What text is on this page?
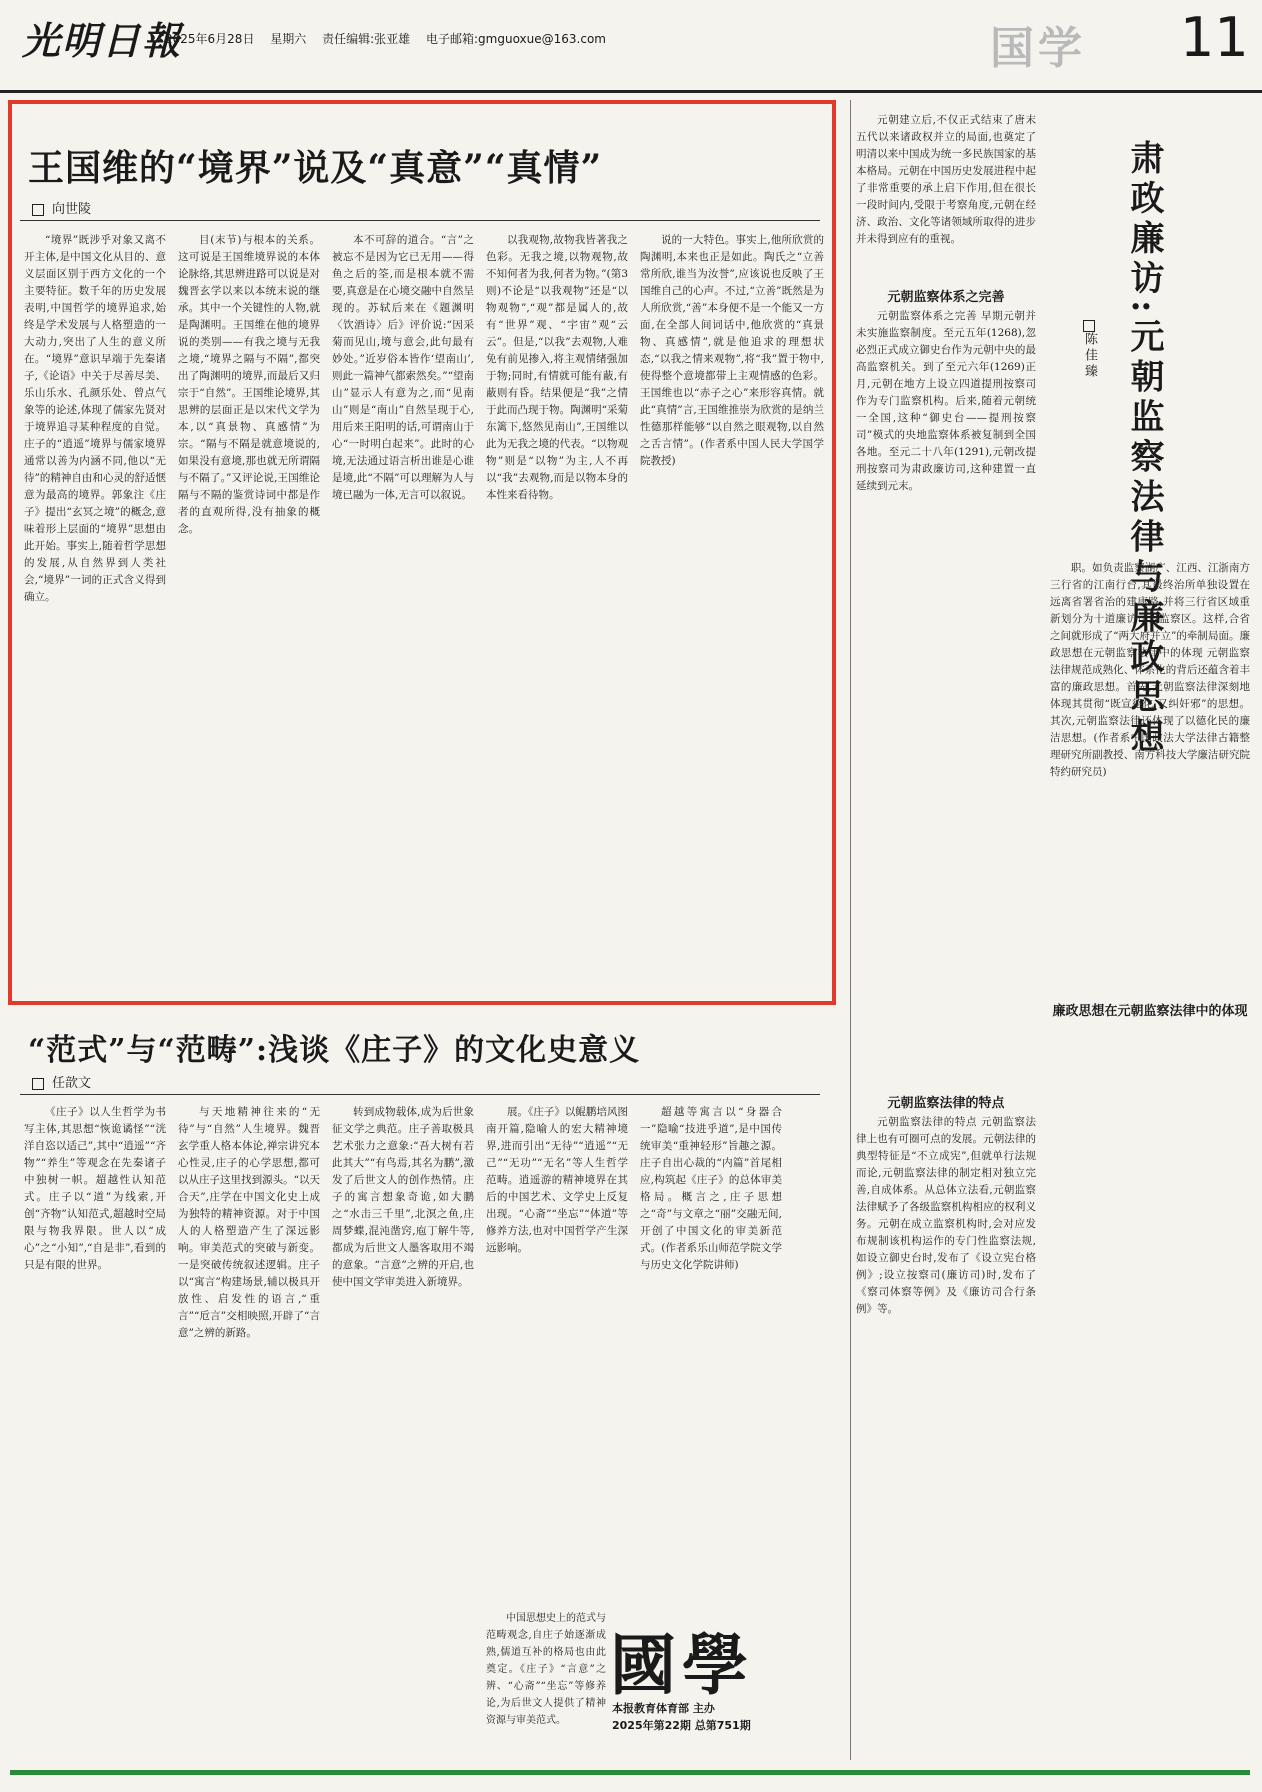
光明日報
2025年6月28日 星期六 责任编辑:张亚雄 电子邮箱:gmguoxue@163.com	国学 11
王国维的“境界”说及“真意”“真情”
向世陵

“境界”既涉乎对象又离不开主体,是中国文化从目的、意义层面区别于西方文化的一个主要特征。数千年的历史发展表明,中国哲学的境界追求,始终是学术发展与人格塑造的一大动力,突出了人生的意义所在。“境界”意识早端于先秦诸子,《论语》中关于尽善尽美、乐山乐水、孔颜乐处、曾点气象等的论述,体现了儒家先贤对于境界追寻某种程度的自觉。庄子的“逍遥”境界与儒家境界通常以善为内涵不同,他以“无待”的精神自由和心灵的舒适惬意为最高的境界。郭象注《庄子》提出“玄冥之境”的概念,意味着形上层面的“境界”思想由此开始。事实上,随着哲学思想的发展,从自然界到人类社会,“境界”一词的正式含义得到确立。

目(末节)与根本的关系。这可说是王国维境界说的本体论脉络,其思辨进路可以说是对魏晋玄学以来以本统末说的继承。其中一个关键性的人物,就是陶渊明。王国维在他的境界说的类别——有我之境与无我之境,“境界之隔与不隔”,都突出了陶渊明的境界,而最后又归宗于“自然”。王国维论境界,其思辨的层面正是以宋代文学为本,以“真景物、真感情”为宗。“隔与不隔是就意境说的,如果没有意境,那也就无所谓隔与不隔了。”又评论说,王国维论隔与不隔的鉴赏诗词中都是作者的直观所得,没有抽象的概念。

本不可辞的道合。“言”之被忘不是因为它已无用——得鱼之后的筌,而是根本就不需要,真意是在心境交融中自然呈现的。苏轼后来在《题渊明〈饮酒诗〉后》评价说:“因采菊而见山,境与意会,此句最有妙处。”近岁俗本皆作‘望南山’,则此一篇神气都索然矣。”“望南山”显示人有意为之,而“见南山”则是“南山”自然呈现于心,用后来王阳明的话,可谓南山于心“一时明白起来”。此时的心境,无法通过语言析出谁是心谁是境,此“不隔”可以理解为人与境已融为一体,无言可以叙说。

以我观物,故物我皆著我之色彩。无我之境,以物观物,故不知何者为我,何者为物。”(第3则)不论是“以我观物”还是“以物观物”,“观”都是属人的,故有“世界”观、“宇宙”观“云云”。但是,“以我”去观物,人难免有前见掺入,将主观情绪强加于物;同时,有情就可能有蔽,有蔽则有昏。结果便是“我”之情于此而凸现于物。陶渊明“采菊东篱下,悠然见南山”,王国维以此为无我之境的代表。“以物观物”则是“以物”为主,人不再以“我”去观物,而是以物本身的本性来看待物。

说的一大特色。事实上,他所欣赏的陶渊明,本来也正是如此。陶氏之“立善常所欣,谁当为汝誉”,应该说也反映了王国维自己的心声。不过,“立善”既然是为人所欣赏,“善”本身便不是一个能又一方面,在全部人间词话中,他欣赏的“真景物、真感情”,就是他追求的理想状态,“以我之情来观物”,将“我”置于物中,使得整个意境都带上主观情感的色彩。王国维也以“赤子之心”来形容真情。就此“真情”言,王国维推崇为欣赏的是纳兰性德那样能够“以自然之眼观物,以自然之舌言情”。(作者系中国人民大学国学院教授)

“范式”与“范畴”:浅谈《庄子》的文化史意义
任歆文

《庄子》以人生哲学为书写主体,其思想“恢诡谲怪”“洸洋自恣以适己”,其中“逍遥”“齐物”“养生”等观念在先秦诸子中独树一帜。超越性认知范式。庄子以“道”为线索,开创“齐物”认知范式,超越时空局限与物我界限。世人以“成心”之“小知”,“自是非”,看到的只是有限的世界。

与天地精神往来的“无待”与“自然”人生境界。魏晋玄学重人格本体论,禅宗讲究本心性灵,庄子的心学思想,都可以从庄子这里找到源头。“以天合天”,庄学在中国文化史上成为独特的精神资源。对于中国人的人格塑造产生了深远影响。审美范式的突破与新变。一是突破传统叙述逻辑。庄子以“寓言”构建场景,辅以极具开放性、启发性的语言,“重言”“卮言”交相映照,开辟了“言意”之辨的新路。

转到成物载体,成为后世象征文学之典范。庄子善取极具艺术张力之意象:“吾大树有若此其大”“有鸟焉,其名为鹏”,激发了后世文人的创作热情。庄子的寓言想象奇诡,如大鹏之“水击三千里”,北溟之鱼,庄周梦蝶,混沌凿窍,庖丁解牛等,都成为后世文人墨客取用不竭的意象。“言意”之辨的开启,也使中国文学审美进入新境界。

展。《庄子》以鲲鹏培风图南开篇,隐喻人的宏大精神境界,进而引出“无待”“逍遥”“无己”“无功”“无名”等人生哲学范畴。逍遥游的精神境界在其后的中国艺术、文学史上反复出现。“心斋”“坐忘”“体道”等修养方法,也对中国哲学产生深远影响。

超越等寓言以“身器合一”隐喻“技进乎道”,是中国传统审美“重神轻形”旨趣之源。庄子自出心裁的“内篇”首尾相应,构筑起《庄子》的总体审美格局。概言之,庄子思想之“奇”与文章之“丽”交融无间,开创了中国文化的审美新范式。(作者系乐山师范学院文学与历史文化学院讲师)

中国思想史上的范式与范畴观念,自庄子始逐渐成熟,儒道互补的格局也由此奠定。《庄子》“言意”之辨、“心斋”“坐忘”等修养论,为后世文人提供了精神资源与审美范式。

元朝建立后,不仅正式结束了唐末五代以来诸政权并立的局面,也奠定了明清以来中国成为统一多民族国家的基本格局。元朝在中国历史发展进程中起了非常重要的承上启下作用,但在很长一段时间内,受限于考察角度,元朝在经济、政治、文化等诸领域所取得的进步并未得到应有的重视。

元朝监察体系之完善

元朝监察体系之完善 早期元朝并未实施监察制度。至元五年(1268),忽必烈正式成立御史台作为元朝中央的最高监察机关。到了至元六年(1269)正月,元朝在地方上设立四道提刑按察司作为专门监察机构。后来,随着元朝统一全国,这种“御史台——提刑按察司”模式的央地监察体系被复制到全国各地。至元二十八年(1291),元朝改提刑按察司为肃政廉访司,这种建置一直延续到元末。	肃政廉访:元朝监察法律与廉政思想
陈佳臻
元朝监察法律的特点

元朝监察法律的特点 元朝监察法律上也有可圈可点的发展。元朝法律的典型特征是“不立成宪”,但就单行法规而论,元朝监察法律的制定相对独立完善,自成体系。从总体立法看,元朝监察法律赋予了各级监察机构相应的权利义务。元朝在成立监察机构时,会对应发布规制该机构运作的专门性监察法规,如设立御史台时,发布了《设立宪台格例》;设立按察司(廉访司)时,发布了《察司体察等例》及《廉访司合行条例》等。

廉政思想在元朝监察法律中的体现

职。如负责监察湖广、江西、江浙南方三行省的江南行台,其最终治所单独设置在远离省署省治的建康路,并将三行省区域重新划分为十道廉访司为监察区。这样,合省之间就形成了“两大府并立”的牵制局面。廉政思想在元朝监察法律中的体现 元朝监察法律规范成熟化、体系化的背后还蕴含着丰富的廉政思想。首先,元朝监察法律深刻地体现其贯彻“既宣德化,又纠奸邪”的思想。其次,元朝监察法律还体现了以德化民的廉洁思想。(作者系中国政法大学法律古籍整理研究所副教授、南方科技大学廉洁研究院特约研究员)

國學
本报教育体育部 主办
2025年第22期 总第751期
